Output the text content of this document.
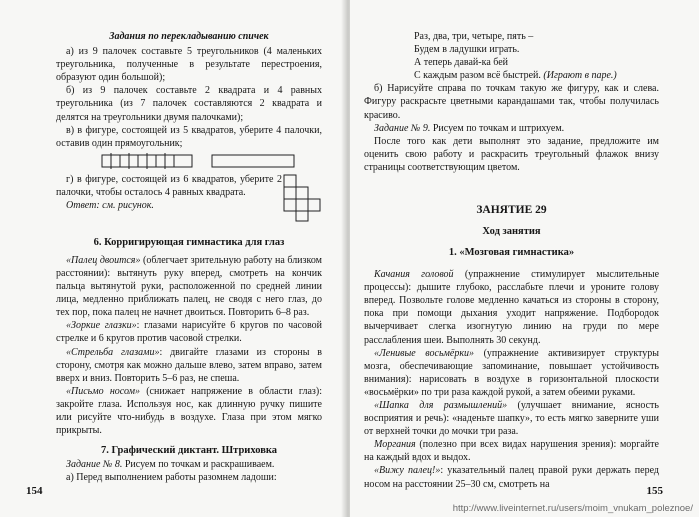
Задания по перекладыванию спичек

а) из 9 палочек составьте 5 треугольников (4 маленьких треугольника, полученные в результате перестроения, образуют один большой);

б) из 9 палочек составьте 2 квадрата и 4 равных треугольника (из 7 палочек составляются 2 квадрата и делятся на треугольники двумя палочками);

в) в фигуре, состоящей из 5 квадратов, уберите 4 палочки, оставив один прямоугольник;

г) в фигуре, состоящей из 6 квадратов, уберите 2 палочки, чтобы осталось 4 равных квадрата.

Ответ: см. рисунок.

6. Корригирующая гимнастика для глаз

«Палец двоится» (облегчает зрительную работу на близком расстоянии): вытянуть руку вперед, смотреть на кончик пальца вытянутой руки, расположенной по средней линии лица, медленно приближать палец, не сводя с него глаз, до тех пор, пока палец не начнет двоиться. Повторить 6–8 раз.

«Зоркие глазки»: глазами нарисуйте 6 кругов по часовой стрелке и 6 кругов против часовой стрелки.

«Стрельба глазами»: двигайте глазами из стороны в сторону, смотря как можно дальше влево, затем вправо, затем вверх и вниз. Повторить 5–6 раз, не спеша.

«Письмо носом» (снижает напряжение в области глаз): закройте глаза. Используя нос, как длинную ручку пишите или рисуйте что-нибудь в воздухе. Глаза при этом мягко прикрыты.

7. Графический диктант. Штриховка

Задание № 8. Рисуем по точкам и раскрашиваем.

а) Перед выполнением работы разомнем ладоши:

154

Раз, два, три, четыре, пять –

Будем в ладушки играть.

А теперь давай-ка бей

С каждым разом всё быстрей. (Играют в паре.)

б) Нарисуйте справа по точкам такую же фигуру, как и слева. Фигуру раскрасьте цветными карандашами так, чтобы получилась красиво.

Задание № 9. Рисуем по точкам и штрихуем.

После того как дети выполнят это задание, предложите им оценить свою работу и раскрасить треугольный флажок внизу страницы соответствующим цветом.

ЗАНЯТИЕ 29
Ход занятия
1. «Мозговая гимнастика»

Качания головой (упражнение стимулирует мыслительные процессы): дышите глубоко, расслабьте плечи и уроните голову вперед. Позвольте голове медленно качаться из стороны в сторону, пока при помощи дыхания уходит напряжение. Подбородок вычерчивает слегка изогнутую линию на груди по мере расслабления шеи. Выполнять 30 секунд.

«Ленивые восьмёрки» (упражнение активизирует структуры мозга, обеспечивающие запоминание, повышает устойчивость внимания): нарисовать в воздухе в горизонтальной плоскости «восьмёрки» по три раза каждой рукой, а затем обеими руками.

«Шапка для размышлений» (улучшает внимание, ясность восприятия и речь): «наденьте шапку», то есть мягко заверните уши от верхней точки до мочки три раза.

Моргания (полезно при всех видах нарушения зрения): моргайте на каждый вдох и выдох.

«Вижу палец!»: указательный палец правой руки держать перед носом на расстоянии 25–30 см, смотреть на

155
http://www.liveinternet.ru/users/moim_vnukam_poleznoe/
